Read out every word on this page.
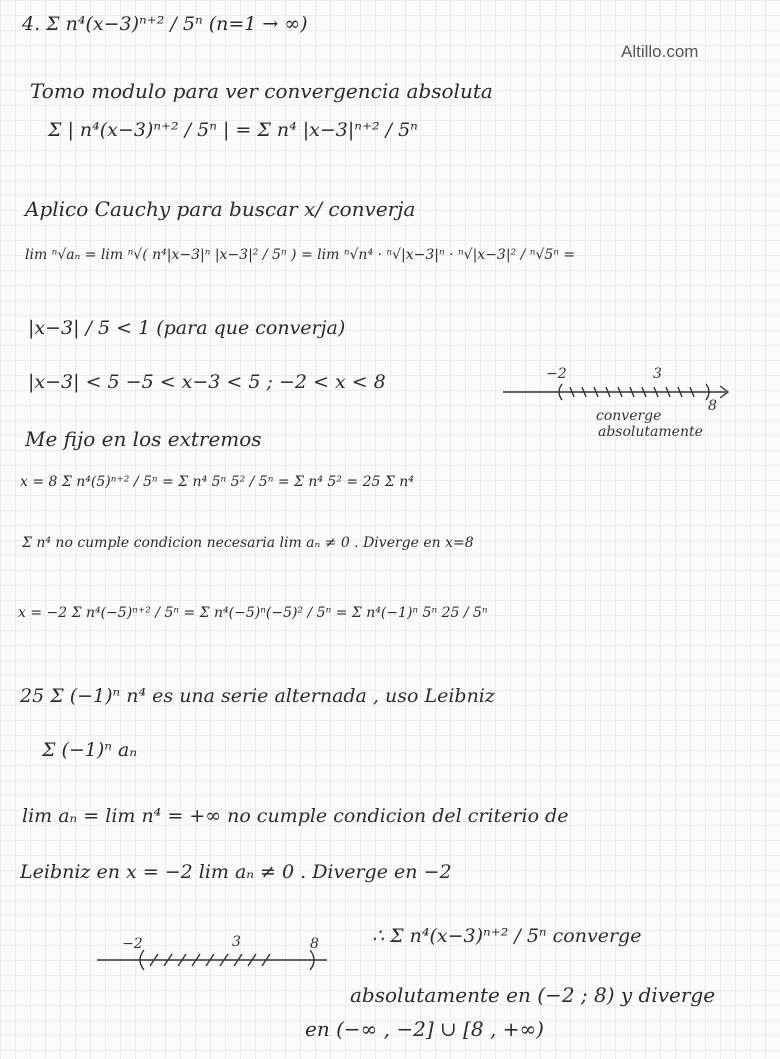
Altillo.com
4. Σ n⁴(x−3)ⁿ⁺² / 5ⁿ (n=1 → ∞)
Tomo modulo para ver convergencia absoluta
Σ | n⁴(x−3)ⁿ⁺² / 5ⁿ | = Σ n⁴ |x−3|ⁿ⁺² / 5ⁿ
Aplico Cauchy para buscar x/ converja
lim ⁿ√aₙ = lim ⁿ√( n⁴|x−3|ⁿ |x−3|² / 5ⁿ ) = lim ⁿ√n⁴ · ⁿ√|x−3|ⁿ · ⁿ√|x−3|² / ⁿ√5ⁿ =
|x−3| / 5 < 1 (para que converja)
|x−3| < 5 −5 < x−3 < 5 ; −2 < x < 8	−2	3
8
converge
absolutamente
Me fijo en los extremos
x = 8 Σ n⁴(5)ⁿ⁺² / 5ⁿ = Σ n⁴ 5ⁿ 5² / 5ⁿ = Σ n⁴ 5² = 25 Σ n⁴
Σ n⁴ no cumple condicion necesaria lim aₙ ≠ 0 . Diverge en x=8
x = −2 Σ n⁴(−5)ⁿ⁺² / 5ⁿ = Σ n⁴(−5)ⁿ(−5)² / 5ⁿ = Σ n⁴(−1)ⁿ 5ⁿ 25 / 5ⁿ
25 Σ (−1)ⁿ n⁴ es una serie alternada , uso Leibniz
Σ (−1)ⁿ aₙ
lim aₙ = lim n⁴ = +∞ no cumple condicion del criterio de
Leibniz en x = −2 lim aₙ ≠ 0 . Diverge en −2
−2	3	8	∴ Σ n⁴(x−3)ⁿ⁺² / 5ⁿ converge
absolutamente en (−2 ; 8) y diverge
en (−∞ , −2] ∪ [8 , +∞)
